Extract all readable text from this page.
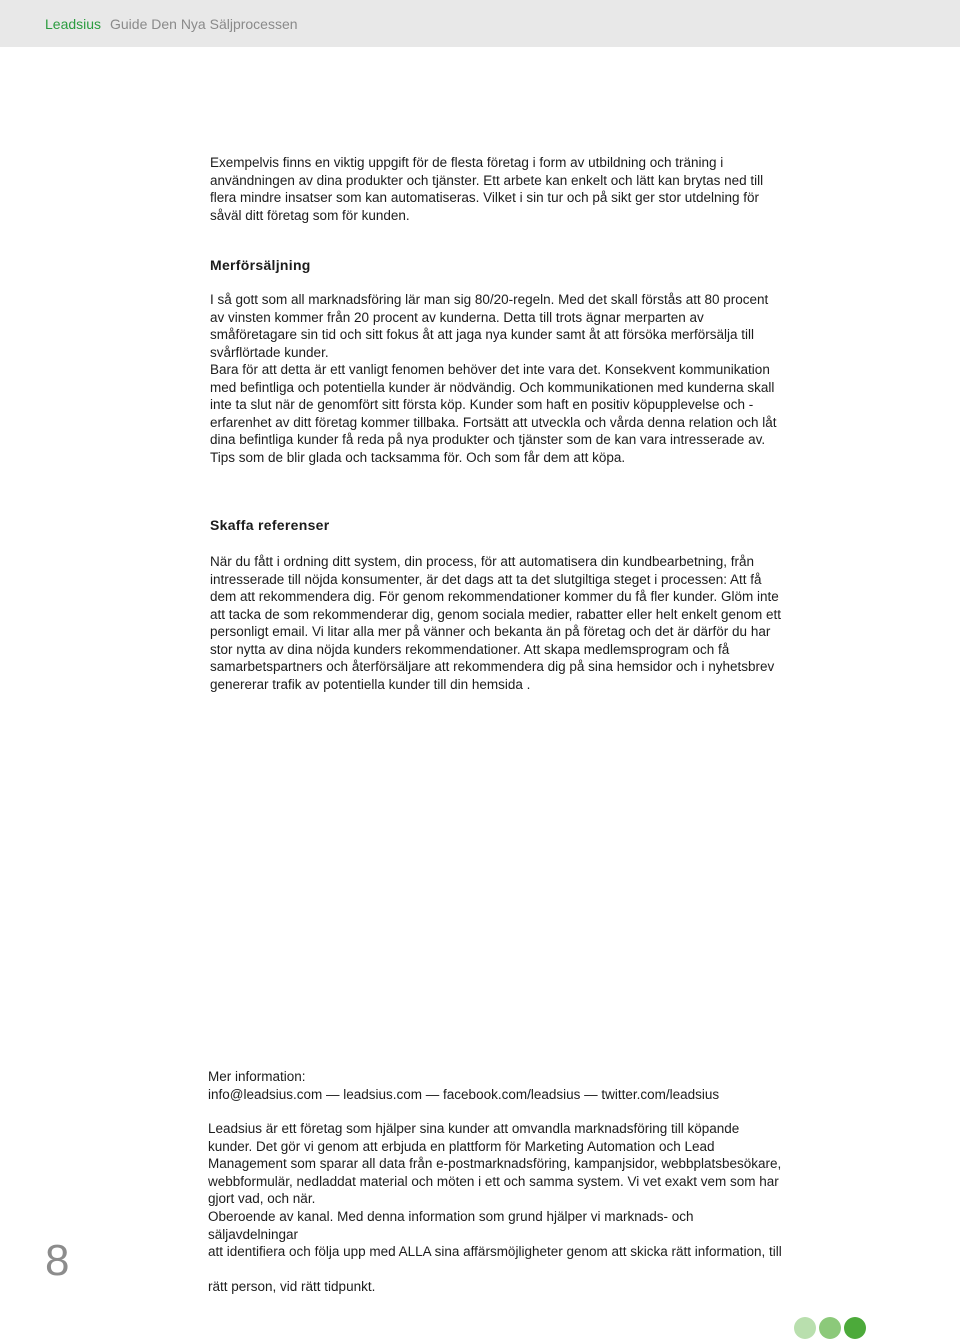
Leadsius Guide Den Nya Säljprocessen

Exempelvis finns en viktig uppgift för de flesta företag i form av utbildning och träning i användningen av dina produkter och tjänster. Ett arbete kan enkelt och lätt kan brytas ned till flera mindre insatser som kan automatiseras. Vilket i sin tur och på sikt ger stor utdelning för såväl ditt företag som för kunden.

Merförsäljning

I så gott som all marknadsföring lär man sig 80/20-regeln. Med det skall förstås att 80 procent av vinsten kommer från 20 procent av kunderna. Detta till trots ägnar merparten av småföretagare sin tid och sitt fokus åt att jaga nya kunder samt åt att försöka merförsälja till svårflörtade kunder.

Bara för att detta är ett vanligt fenomen behöver det inte vara det. Konsekvent kommunikation med befintliga och potentiella kunder är nödvändig. Och kommunikationen med kunderna skall inte ta slut när de genomfört sitt första köp. Kunder som haft en positiv köpupplevelse och -erfarenhet av ditt företag kommer tillbaka. Fortsätt att utveckla och vårda denna relation och låt dina befintliga kunder få reda på nya produkter och tjänster som de kan vara intresserade av. Tips som de blir glada och tacksamma för. Och som får dem att köpa.

Skaffa referenser

När du fått i ordning ditt system, din process, för att automatisera din kundbearbetning, från intresserade till nöjda konsumenter, är det dags att ta det slutgiltiga steget i processen: Att få dem att rekommendera dig. För genom rekommendationer kommer du få fler kunder. Glöm inte att tacka de som rekommenderar dig, genom sociala medier, rabatter eller helt enkelt genom ett personligt email. Vi litar alla mer på vänner och bekanta än på företag och det är därför du har stor nytta av dina nöjda kunders rekommendationer. Att skapa medlemsprogram och få samarbetspartners och återförsäljare att rekommendera dig på sina hemsidor och i nyhetsbrev genererar trafik av potentiella kunder till din hemsida .

Mer information:

info@leadsius.com — leadsius.com — facebook.com/leadsius — twitter.com/leadsius

Leadsius är ett företag som hjälper sina kunder att omvandla marknadsföring till köpande kunder. Det gör vi genom att erbjuda en plattform för Marketing Automation och Lead Management som sparar all data från e-postmarknadsföring, kampanjsidor, webbplatsbesökare, webbformulär, nedladdat material och möten i ett och samma system. Vi vet exakt vem som har gjort vad, och när.

Oberoende av kanal. Med denna information som grund hjälper vi marknads- och säljavdelningar

att identifiera och följa upp med ALLA sina affärsmöjligheter genom att skicka rätt information, till

rätt person, vid rätt tidpunkt.

8
